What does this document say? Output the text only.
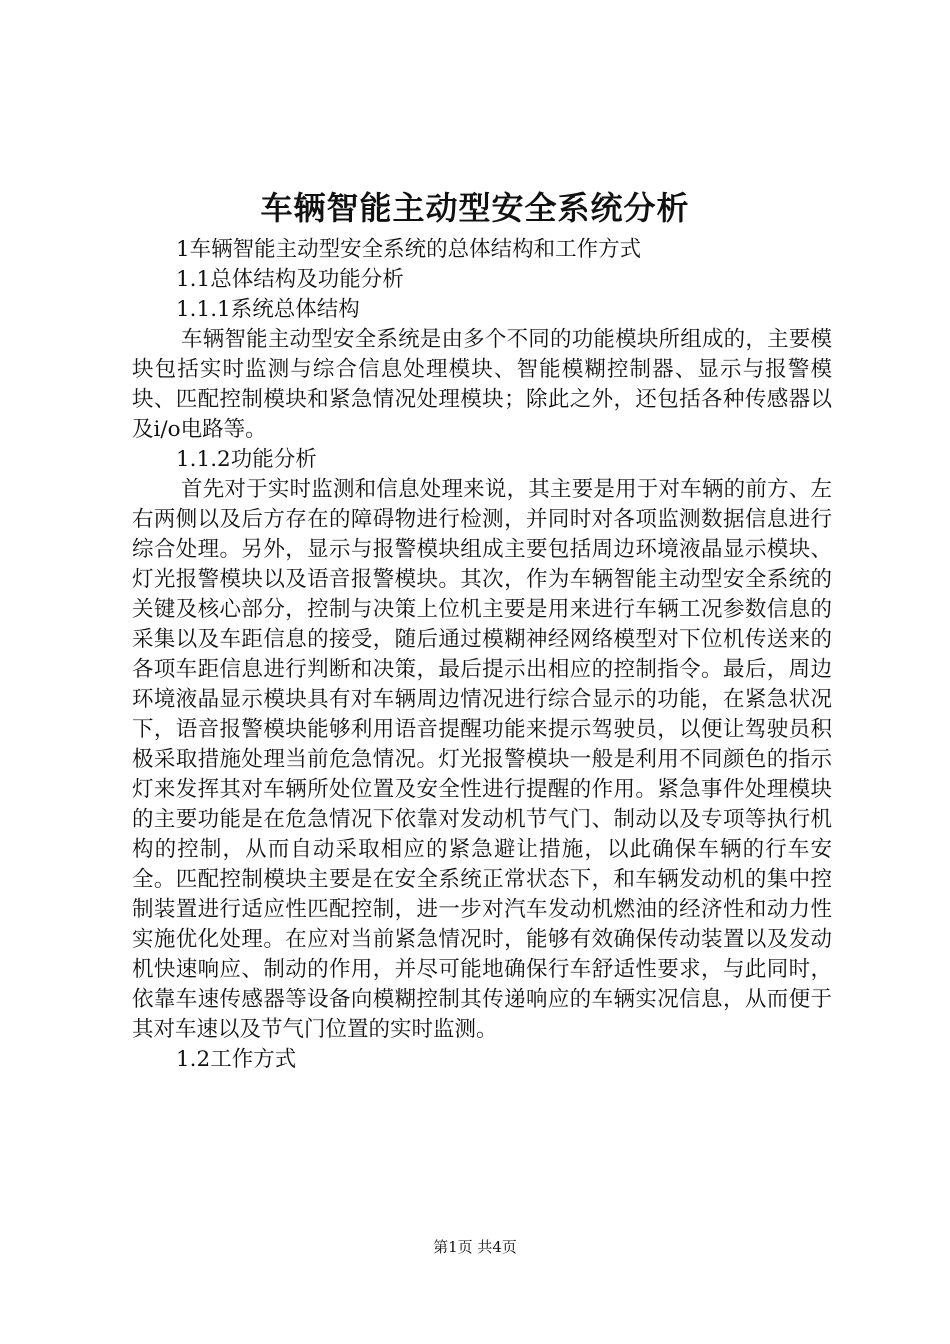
车辆智能主动型安全系统分析

1车辆智能主动型安全系统的总体结构和工作方式

1.1总体结构及功能分析

1.1.1系统总体结构

车辆智能主动型安全系统是由多个不同的功能模块所组成的，主要模块包括实时监测与综合信息处理模块、智能模糊控制器、显示与报警模块、匹配控制模块和紧急情况处理模块；除此之外，还包括各种传感器以及i/o电路等。

1.1.2功能分析

首先对于实时监测和信息处理来说，其主要是用于对车辆的前方、左右两侧以及后方存在的障碍物进行检测，并同时对各项监测数据信息进行综合处理。另外，显示与报警模块组成主要包括周边环境液晶显示模块、灯光报警模块以及语音报警模块。其次，作为车辆智能主动型安全系统的关键及核心部分，控制与决策上位机主要是用来进行车辆工况参数信息的采集以及车距信息的接受，随后通过模糊神经网络模型对下位机传送来的各项车距信息进行判断和决策，最后提示出相应的控制指令。最后，周边环境液晶显示模块具有对车辆周边情况进行综合显示的功能，在紧急状况下，语音报警模块能够利用语音提醒功能来提示驾驶员，以便让驾驶员积极采取措施处理当前危急情况。灯光报警模块一般是利用不同颜色的指示灯来发挥其对车辆所处位置及安全性进行提醒的作用。紧急事件处理模块的主要功能是在危急情况下依靠对发动机节气门、制动以及专项等执行机构的控制，从而自动采取相应的紧急避让措施，以此确保车辆的行车安全。匹配控制模块主要是在安全系统正常状态下，和车辆发动机的集中控制装置进行适应性匹配控制，进一步对汽车发动机燃油的经济性和动力性实施优化处理。在应对当前紧急情况时，能够有效确保传动装置以及发动机快速响应、制动的作用，并尽可能地确保行车舒适性要求，与此同时，依靠车速传感器等设备向模糊控制其传递响应的车辆实况信息，从而便于其对车速以及节气门位置的实时监测。

1.2工作方式

第1页 共4页
